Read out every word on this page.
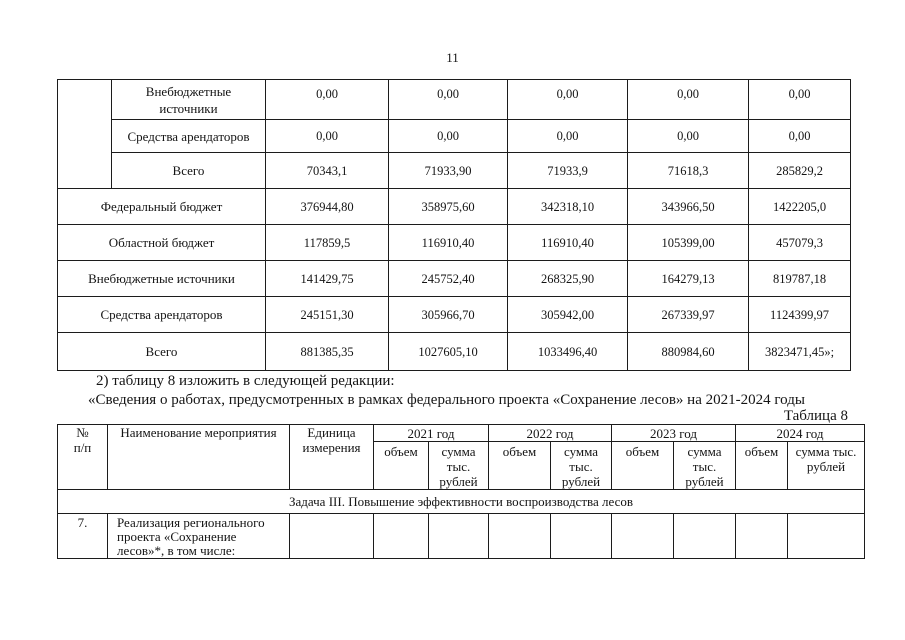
11

	Внебюджетные источники	0,00	0,00	0,00	0,00	0,00

	Средства арендаторов	0,00	0,00	0,00	0,00	0,00

	Всего	70343,1	71933,90	71933,9	71618,3	285829,2
Федеральный бюджет		376944,80	358975,60	342318,10	343966,50	1422205,0
Областной бюджет		117859,5	116910,40	116910,40	105399,00	457079,3
Внебюджетные источники		141429,75	245752,40	268325,90	164279,13	819787,18
Средства арендаторов		245151,30	305966,70	305942,00	267339,97	1124399,97
Всего		881385,35	1027605,10	1033496,40	880984,60	3823471,45»;
2) таблицу 8 изложить в следующей редакции:
«Сведения о работах, предусмотренных в рамках федерального проекта «Сохранение лесов» на 2021-2024 годы
Таблица 8
№
п/п	Наименование мероприятия	Единица измерения	2021 год		2022 год		2023 год		2024 год	
			объем	сумма тыс. рублей	объем	сумма тыс. рублей	объем	сумма тыс. рублей	объем	сумма тыс. рублей
Задача III. Повышение эффективности воспроизводства лесов										
7.	Реализация регионального проекта «Сохранение лесов»*, в том числе:									
